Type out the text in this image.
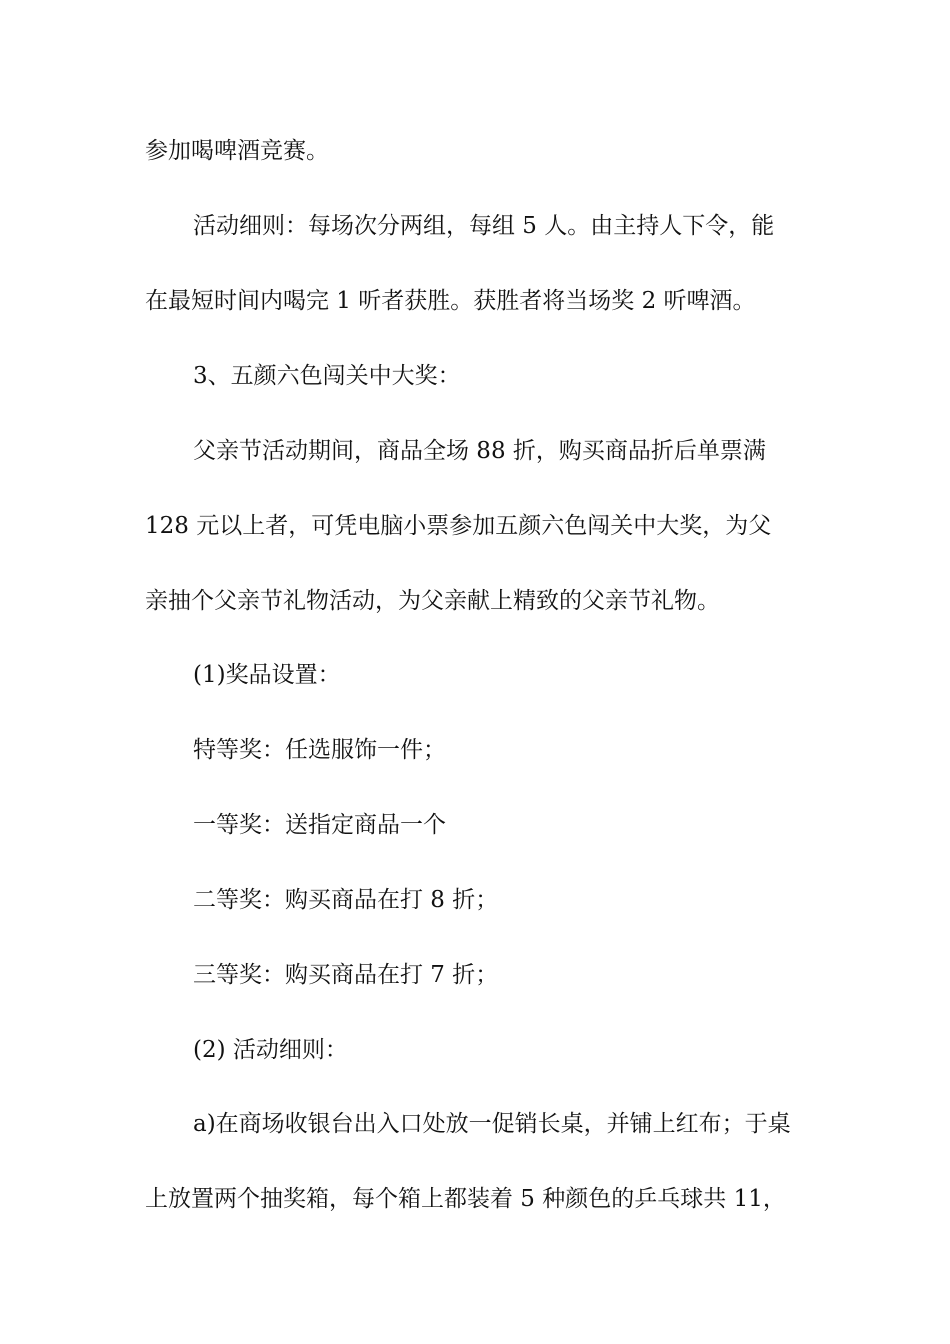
参加喝啤酒竞赛。
活动细则：每场次分两组，每组 5 人。由主持人下令，能
在最短时间内喝完 1 听者获胜。获胜者将当场奖 2 听啤酒。
3、五颜六色闯关中大奖：
父亲节活动期间，商品全场 88 折，购买商品折后单票满
128 元以上者，可凭电脑小票参加五颜六色闯关中大奖，为父
亲抽个父亲节礼物活动，为父亲献上精致的父亲节礼物。
(1)奖品设置：
特等奖：任选服饰一件；
一等奖：送指定商品一个
二等奖：购买商品在打 8 折；
三等奖：购买商品在打 7 折；
(2) 活动细则：
a)在商场收银台出入口处放一促销长桌，并铺上红布；于桌
上放置两个抽奖箱，每个箱上都装着 5 种颜色的乒乓球共 11，
